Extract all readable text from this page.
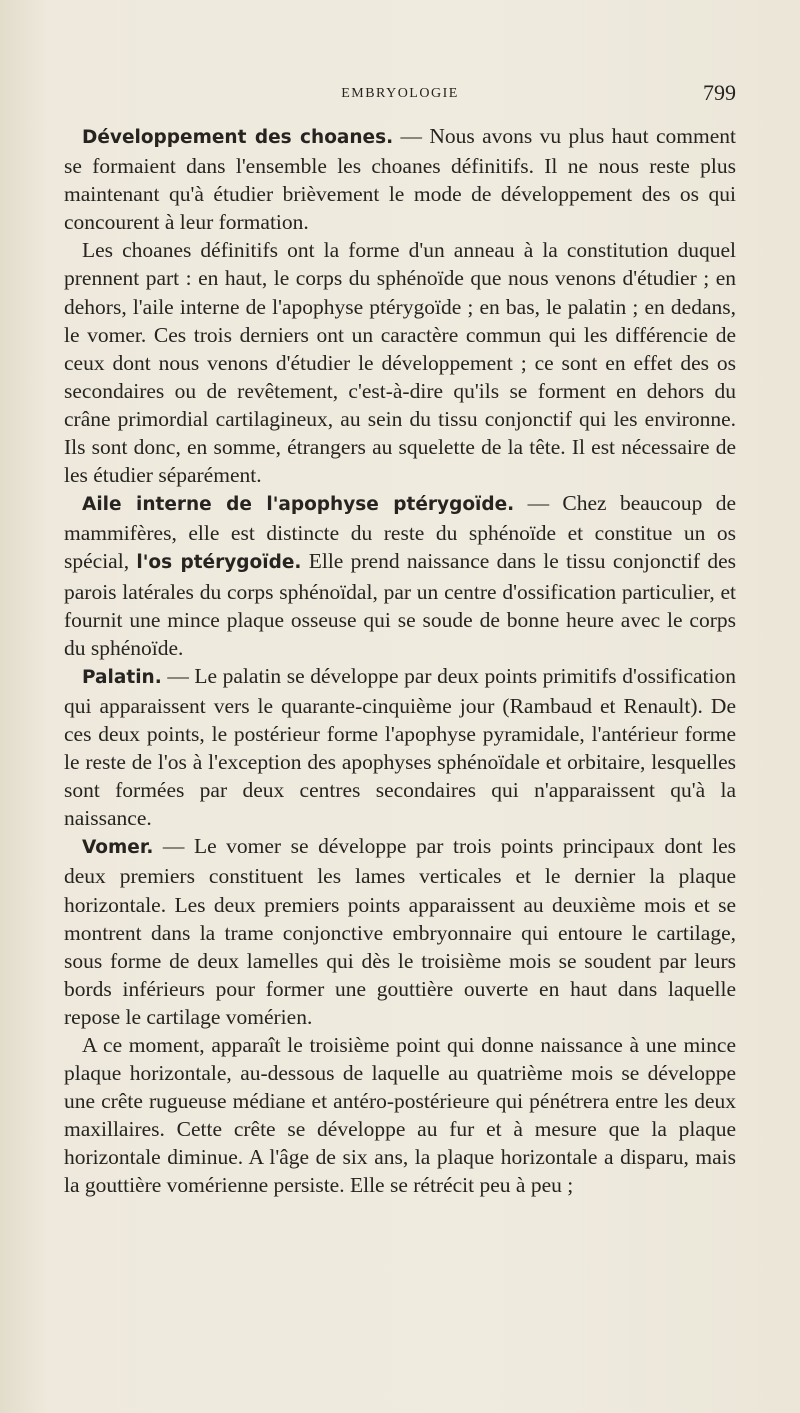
EMBRYOLOGIE	799

Développement des choanes. — Nous avons vu plus haut comment se formaient dans l'ensemble les choanes définitifs. Il ne nous reste plus maintenant qu'à étudier brièvement le mode de développement des os qui concourent à leur formation.

Les choanes définitifs ont la forme d'un anneau à la constitution duquel prennent part : en haut, le corps du sphénoïde que nous venons d'étudier ; en dehors, l'aile interne de l'apophyse ptérygoïde ; en bas, le palatin ; en dedans, le vomer. Ces trois derniers ont un caractère commun qui les différencie de ceux dont nous venons d'étudier le développement ; ce sont en effet des os secondaires ou de revêtement, c'est-à-dire qu'ils se forment en dehors du crâne primordial cartilagineux, au sein du tissu conjonctif qui les environne. Ils sont donc, en somme, étrangers au squelette de la tête. Il est nécessaire de les étudier séparément.

Aile interne de l'apophyse ptérygoïde. — Chez beaucoup de mammifères, elle est distincte du reste du sphénoïde et constitue un os spécial, l'os ptérygoïde. Elle prend naissance dans le tissu conjonctif des parois latérales du corps sphénoïdal, par un centre d'ossification particulier, et fournit une mince plaque osseuse qui se soude de bonne heure avec le corps du sphénoïde.

Palatin. — Le palatin se développe par deux points primitifs d'ossification qui apparaissent vers le quarante-cinquième jour (Rambaud et Renault). De ces deux points, le postérieur forme l'apophyse pyramidale, l'antérieur forme le reste de l'os à l'exception des apophyses sphénoïdale et orbitaire, lesquelles sont formées par deux centres secondaires qui n'apparaissent qu'à la naissance.

Vomer. — Le vomer se développe par trois points principaux dont les deux premiers constituent les lames verticales et le dernier la plaque horizontale. Les deux premiers points apparaissent au deuxième mois et se montrent dans la trame conjonctive embryonnaire qui entoure le cartilage, sous forme de deux lamelles qui dès le troisième mois se soudent par leurs bords inférieurs pour former une gouttière ouverte en haut dans laquelle repose le cartilage vomérien.

A ce moment, apparaît le troisième point qui donne naissance à une mince plaque horizontale, au-dessous de laquelle au quatrième mois se développe une crête rugueuse médiane et antéro-postérieure qui pénétrera entre les deux maxillaires. Cette crête se développe au fur et à mesure que la plaque horizontale diminue. A l'âge de six ans, la plaque horizontale a disparu, mais la gouttière vomérienne persiste. Elle se rétrécit peu à peu ;
